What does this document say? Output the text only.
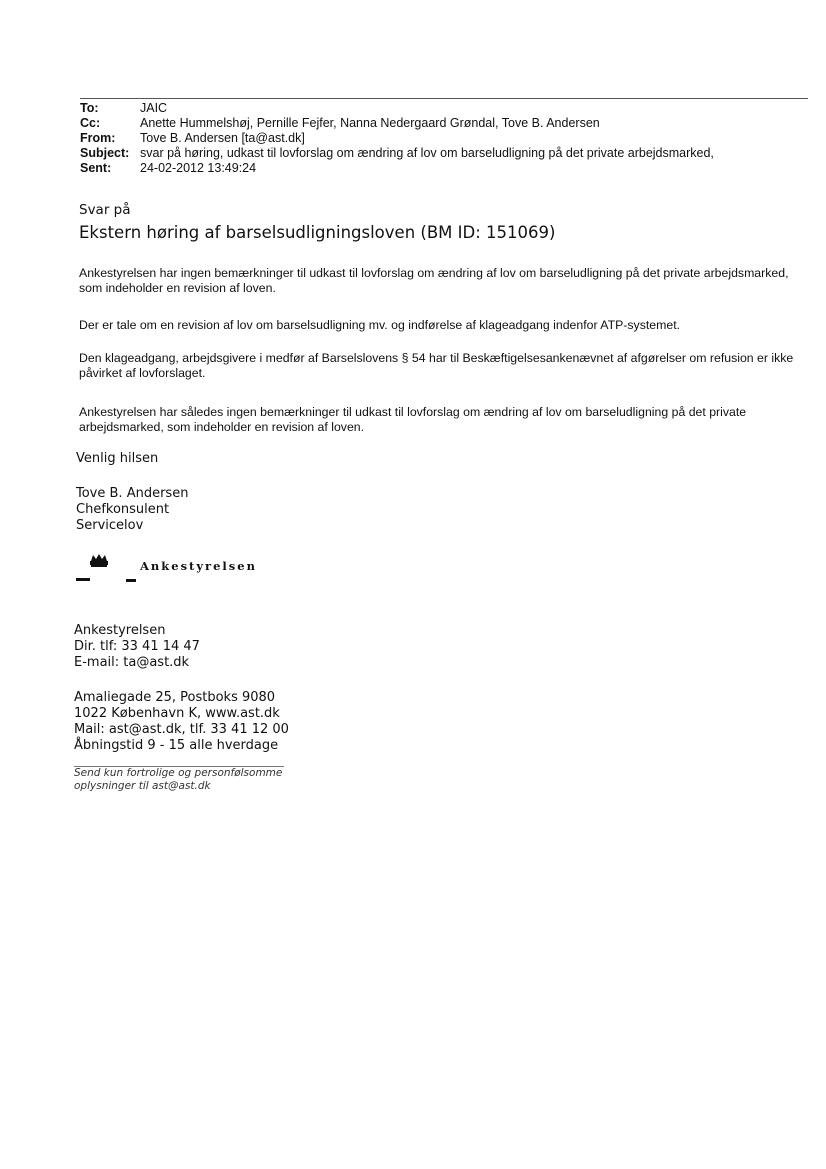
To:	JAIC
Cc:	Anette Hummelshøj, Pernille Fejfer, Nanna Nedergaard Grøndal, Tove B. Andersen
From:	Tove B. Andersen [ta@ast.dk]
Subject: svar på høring, udkast til lovforslag om ændring af lov om barseludligning på det private arbejdsmarked,
Sent:	24-02-2012 13:49:24
Svar på
Ekstern høring af barselsudligningsloven (BM ID: 151069)
Ankestyrelsen har ingen bemærkninger til udkast til lovforslag om ændring af lov om barseludligning på det private arbejdsmarked, som indeholder en revision af loven.
Der er tale om en revision af lov om barselsudligning mv. og indførelse af klageadgang indenfor ATP-systemet.
Den klageadgang, arbejdsgivere i medfør af Barselslovens § 54 har til Beskæftigelsesankenævnet af afgørelser om refusion er ikke påvirket af lovforslaget.
Ankestyrelsen har således ingen bemærkninger til udkast til lovforslag om ændring af lov om barseludligning på det private arbejdsmarked, som indeholder en revision af loven.
Venlig hilsen
Tove B. Andersen
Chefkonsulent
Servicelov
Ankestyrelsen
Ankestyrelsen
Dir. tlf: 33 41 14 47
E-mail: ta@ast.dk
Amaliegade 25, Postboks 9080
1022 København K, www.ast.dk
Mail: ast@ast.dk, tlf. 33 41 12 00
Åbningstid 9 - 15 alle hverdage
Send kun fortrolige og personfølsomme
oplysninger til ast@ast.dk
